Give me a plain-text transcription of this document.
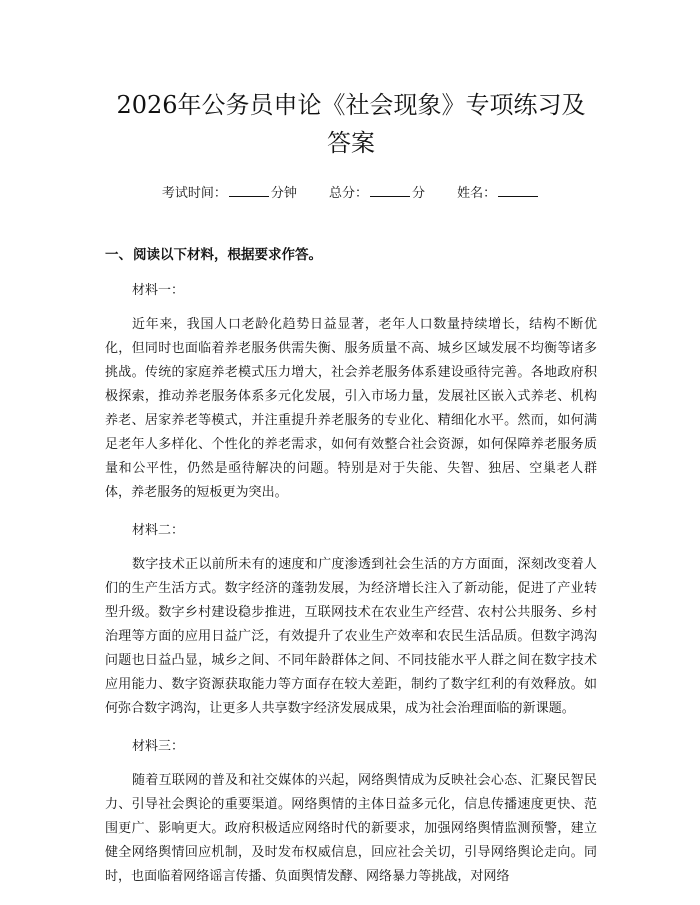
2026年公务员申论《社会现象》专项练习及答案
考试时间：	分钟 总分：	分 姓名：
一、阅读以下材料，根据要求作答。
材料一：

近年来，我国人口老龄化趋势日益显著，老年人口数量持续增长，结构不断优化，但同时也面临着养老服务供需失衡、服务质量不高、城乡区域发展不均衡等诸多挑战。传统的家庭养老模式压力增大，社会养老服务体系建设亟待完善。各地政府积极探索，推动养老服务体系多元化发展，引入市场力量，发展社区嵌入式养老、机构养老、居家养老等模式，并注重提升养老服务的专业化、精细化水平。然而，如何满足老年人多样化、个性化的养老需求，如何有效整合社会资源，如何保障养老服务质量和公平性，仍然是亟待解决的问题。特别是对于失能、失智、独居、空巢老人群体，养老服务的短板更为突出。

材料二：

数字技术正以前所未有的速度和广度渗透到社会生活的方方面面，深刻改变着人们的生产生活方式。数字经济的蓬勃发展，为经济增长注入了新动能，促进了产业转型升级。数字乡村建设稳步推进，互联网技术在农业生产经营、农村公共服务、乡村治理等方面的应用日益广泛，有效提升了农业生产效率和农民生活品质。但数字鸿沟问题也日益凸显，城乡之间、不同年龄群体之间、不同技能水平人群之间在数字技术应用能力、数字资源获取能力等方面存在较大差距，制约了数字红利的有效释放。如何弥合数字鸿沟，让更多人共享数字经济发展成果，成为社会治理面临的新课题。

材料三：

随着互联网的普及和社交媒体的兴起，网络舆情成为反映社会心态、汇聚民智民力、引导社会舆论的重要渠道。网络舆情的主体日益多元化，信息传播速度更快、范围更广、影响更大。政府积极适应网络时代的新要求，加强网络舆情监测预警，建立健全网络舆情回应机制，及时发布权威信息，回应社会关切，引导网络舆论走向。同时，也面临着网络谣言传播、负面舆情发酵、网络暴力等挑战，对网络
